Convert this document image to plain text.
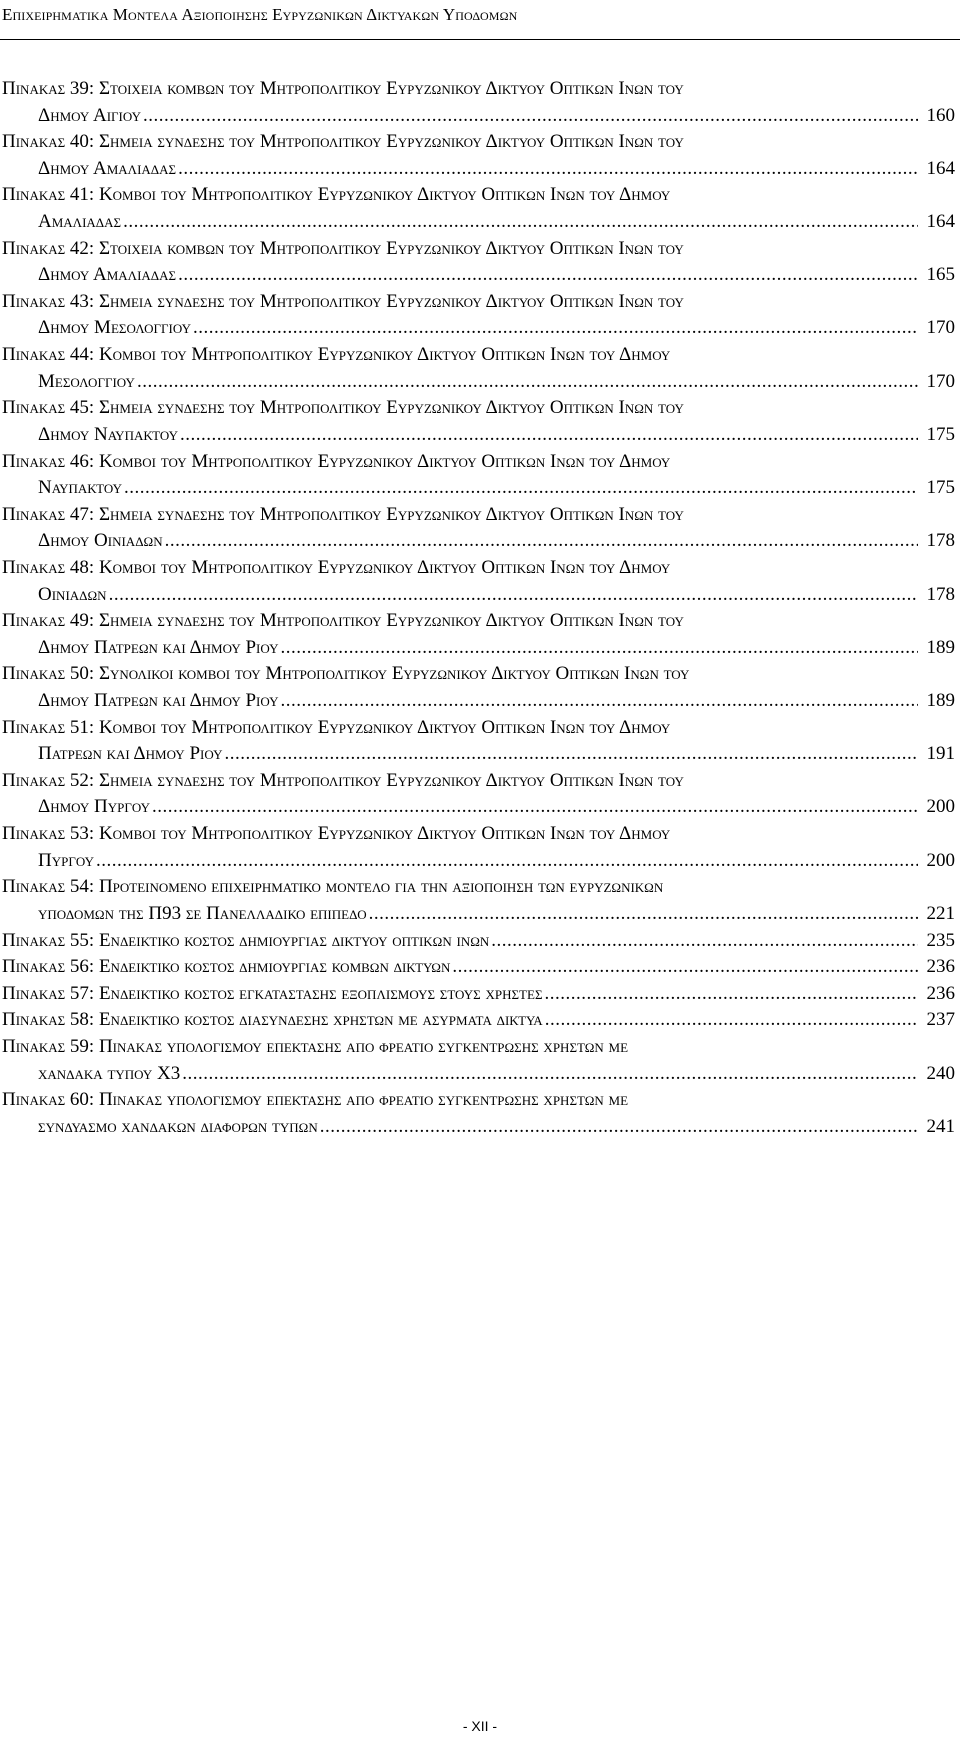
Επιχειρηματικα Μοντελα Αξιοποιησης Ευρυζωνικων Δικτυακων Υποδομων
Πινακασ 39: Στοιχεια κομβων του Μητροπολιτικου Ευρυζωνικου Δικτυου Οπτικων Ινων του
Δημου Αιγιου .....	160
Πινακασ 40: Σημεια συνδεσησ του Μητροπολιτικου Ευρυζωνικου Δικτυου Οπτικων Ινων του
Δημου Αμαλιαδασ .....	164
Πινακασ 41: Κομβοι του Μητροπολιτικου Ευρυζωνικου Δικτυου Οπτικων Ινων του Δημου
Αμαλιαδασ .....	164
Πινακασ 42: Στοιχεια κομβων του Μητροπολιτικου Ευρυζωνικου Δικτυου Οπτικων Ινων του
Δημου Αμαλιαδασ .....	165
Πινακασ 43: Σημεια συνδεσησ του Μητροπολιτικου Ευρυζωνικου Δικτυου Οπτικων Ινων του
Δημου Μεσολογγιου .....	170
Πινακασ 44: Κομβοι του Μητροπολιτικου Ευρυζωνικου Δικτυου Οπτικων Ινων του Δημου
Μεσολογγιου .....	170
Πινακασ 45: Σημεια συνδεσησ του Μητροπολιτικου Ευρυζωνικου Δικτυου Οπτικων Ινων του
Δημου Ναυπακτου .....	175
Πινακασ 46: Κομβοι του Μητροπολιτικου Ευρυζωνικου Δικτυου Οπτικων Ινων του Δημου
Ναυπακτου .....	175
Πινακασ 47: Σημεια συνδεσησ του Μητροπολιτικου Ευρυζωνικου Δικτυου Οπτικων Ινων του
Δημου Οινιαδων .....	178
Πινακασ 48: Κομβοι του Μητροπολιτικου Ευρυζωνικου Δικτυου Οπτικων Ινων του Δημου
Οινιαδων .....	178
Πινακασ 49: Σημεια συνδεσησ του Μητροπολιτικου Ευρυζωνικου Δικτυου Οπτικων Ινων του
Δημου Πατρεων και Δημου Ριου .....	189
Πινακασ 50: Συνολικοι κομβοι του Μητροπολιτικου Ευρυζωνικου Δικτυου Οπτικων Ινων του
Δημου Πατρεων και Δημου Ριου .....	189
Πινακασ 51: Κομβοι του Μητροπολιτικου Ευρυζωνικου Δικτυου Οπτικων Ινων του Δημου
Πατρεων και Δημου Ριου .....	191
Πινακασ 52: Σημεια συνδεσησ του Μητροπολιτικου Ευρυζωνικου Δικτυου Οπτικων Ινων του
Δημου Πυργου .....	200
Πινακασ 53: Κομβοι του Μητροπολιτικου Ευρυζωνικου Δικτυου Οπτικων Ινων του Δημου
Πυργου .....	200
Πινακασ 54: Προτεινομενο επιχειρηματικο μοντελο για την αξιοποιηση των ευρυζωνικων
υποδομων τησ Π93 σε Πανελλαδικο επιπεδο .....	221
Πινακασ 55: Ενδεικτικο κοστοσ δημιουργιασ δικτυου οπτικων ινων .....	235
Πινακασ 56: Ενδεικτικο κοστοσ δημιουργιασ κομβων δικτυων .....	236
Πινακασ 57: Ενδεικτικο κοστοσ εγκαταστασησ εξοπλισμουσ στουσ χρηστεσ .....	236
Πινακασ 58: Ενδεικτικο κοστοσ διασυνδεσησ χρηστων με ασυρματα δικτυα .....	237
Πινακασ 59: Πινακασ υπολογισμου επεκτασησ απο φρεατιο συγκεντρωσησ χρηστων με
χανδακα τυπου Χ3 .....	240
Πινακασ 60: Πινακασ υπολογισμου επεκτασησ απο φρεατιο συγκεντρωσησ χρηστων με
συνδυασμο χανδακων διαφορων τυπων .....	241
- XII -
